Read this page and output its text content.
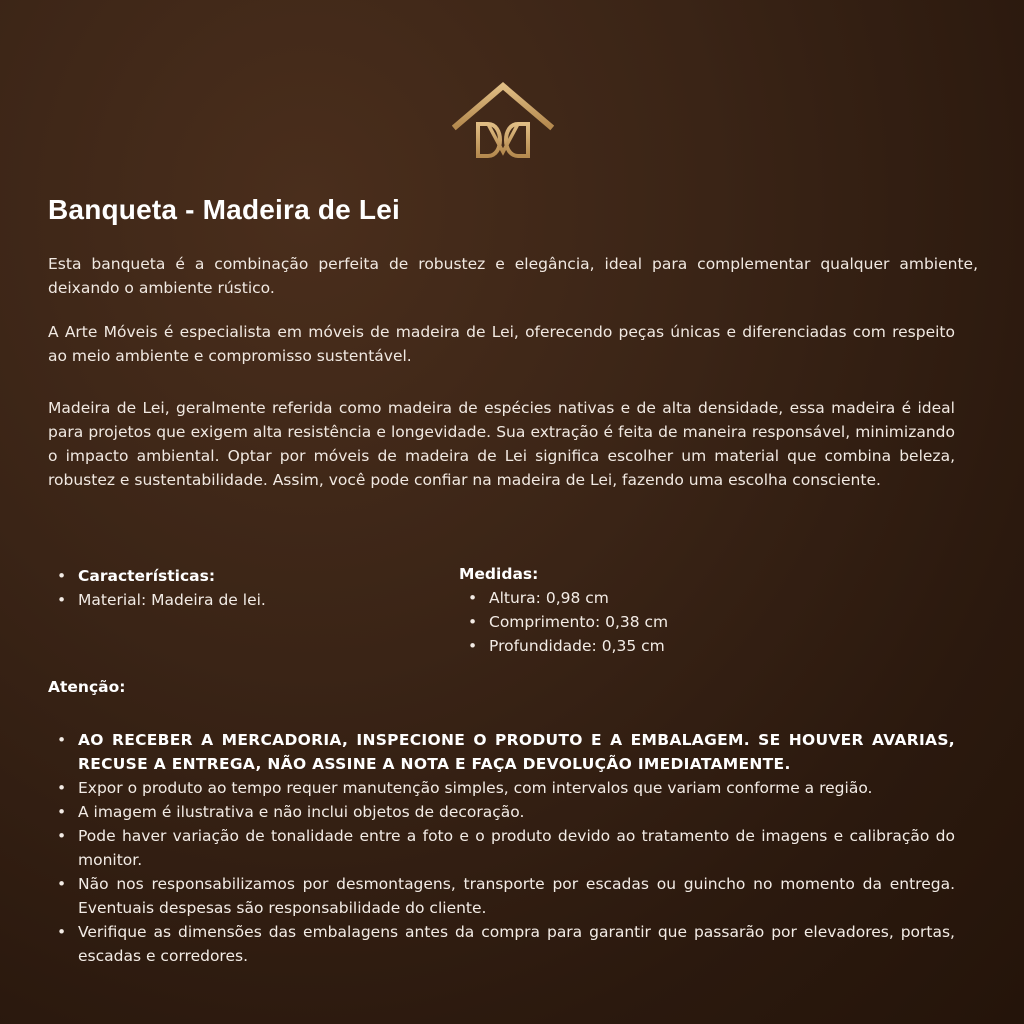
Banqueta - Madeira de Lei

Esta banqueta é a combinação perfeita de robustez e elegância, ideal para complementar qualquer ambiente, deixando o ambiente rústico.

A Arte Móveis é especialista em móveis de madeira de Lei, oferecendo peças únicas e diferenciadas com respeito ao meio ambiente e compromisso sustentável.

Madeira de Lei, geralmente referida como madeira de espécies nativas e de alta densidade, essa madeira é ideal para projetos que exigem alta resistência e longevidade. Sua extração é feita de maneira responsável, minimizando o impacto ambiental. Optar por móveis de madeira de Lei significa escolher um material que combina beleza, robustez e sustentabilidade. Assim, você pode confiar na madeira de Lei, fazendo uma escolha consciente.

• Características:
• Material: Madeira de lei.

Medidas:

• Altura: 0,98 cm
• Comprimento: 0,38 cm
• Profundidade: 0,35 cm

Atenção:

• AO RECEBER A MERCADORIA, INSPECIONE O PRODUTO E A EMBALAGEM. SE HOUVER AVARIAS, RECUSE A ENTREGA, NÃO ASSINE A NOTA E FAÇA DEVOLUÇÃO IMEDIATAMENTE.
• Expor o produto ao tempo requer manutenção simples, com intervalos que variam conforme a região.
• A imagem é ilustrativa e não inclui objetos de decoração.
• Pode haver variação de tonalidade entre a foto e o produto devido ao tratamento de imagens e calibração do monitor.
• Não nos responsabilizamos por desmontagens, transporte por escadas ou guincho no momento da entrega. Eventuais despesas são responsabilidade do cliente.
• Verifique as dimensões das embalagens antes da compra para garantir que passarão por elevadores, portas, escadas e corredores.
